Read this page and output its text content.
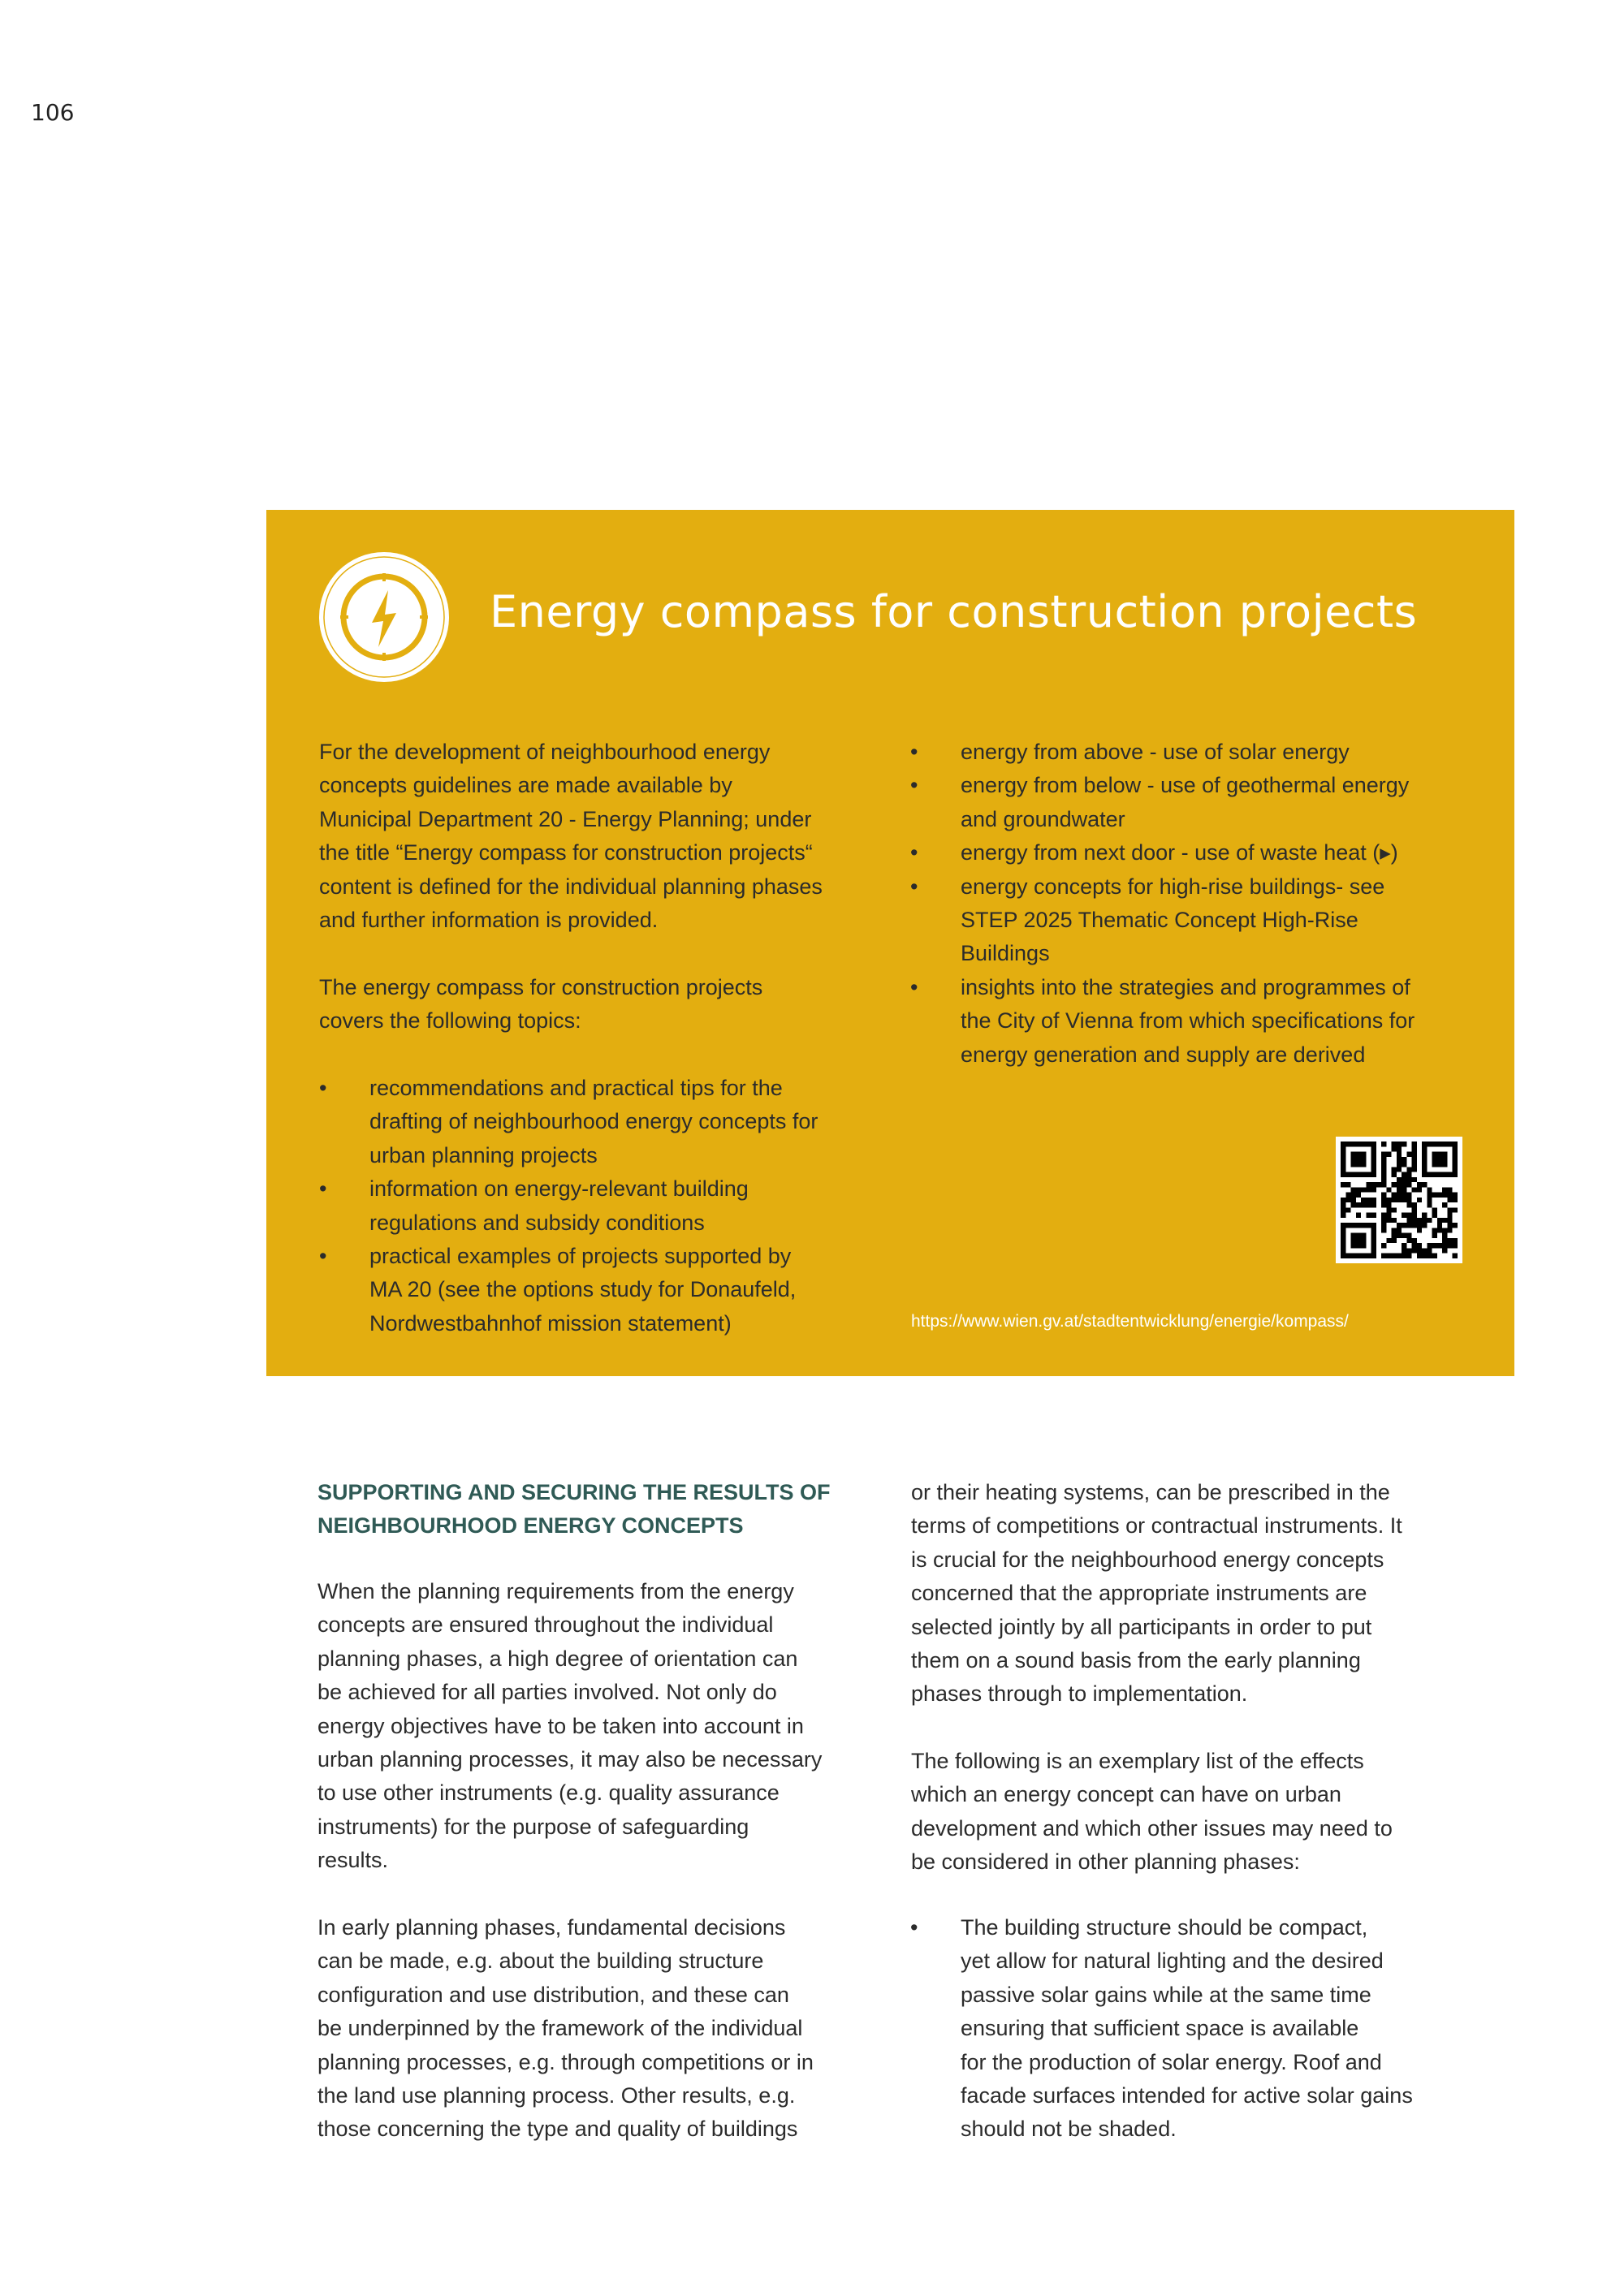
106
Energy compass for construction projects
For the development of neighbourhood energy
concepts guidelines are made available by
Municipal Department 20 - Energy Planning; under
the title “Energy compass for construction projects“
content is defined for the individual planning phases
and further information is provided.
The energy compass for construction projects
covers the following topics:
• recommendations and practical tips for the
drafting of neighbourhood energy concepts for
urban planning projects
• information on energy-relevant building
regulations and subsidy conditions
• practical examples of projects supported by
MA 20 (see the options study for Donaufeld,
Nordwestbahnhof mission statement)
• energy from above - use of solar energy
• energy from below - use of geothermal energy
and groundwater
• energy from next door - use of waste heat (▸)
• energy concepts for high-rise buildings- see
STEP 2025 Thematic Concept High-Rise
Buildings
• insights into the strategies and programmes of
the City of Vienna from which specifications for
energy generation and supply are derived
https://www.wien.gv.at/stadtentwicklung/energie/kompass/
SUPPORTING AND SECURING THE RESULTS OF
NEIGHBOURHOOD ENERGY CONCEPTS
When the planning requirements from the energy
concepts are ensured throughout the individual
planning phases, a high degree of orientation can
be achieved for all parties involved. Not only do
energy objectives have to be taken into account in
urban planning processes, it may also be necessary
to use other instruments (e.g. quality assurance
instruments) for the purpose of safeguarding
results.
In early planning phases, fundamental decisions
can be made, e.g. about the building structure
configuration and use distribution, and these can
be underpinned by the framework of the individual
planning processes, e.g. through competitions or in
the land use planning process. Other results, e.g.
those concerning the type and quality of buildings
or their heating systems, can be prescribed in the
terms of competitions or contractual instruments. It
is crucial for the neighbourhood energy concepts
concerned that the appropriate instruments are
selected jointly by all participants in order to put
them on a sound basis from the early planning
phases through to implementation.
The following is an exemplary list of the effects
which an energy concept can have on urban
development and which other issues may need to
be considered in other planning phases:
• The building structure should be compact,
yet allow for natural lighting and the desired
passive solar gains while at the same time
ensuring that sufficient space is available
for the production of solar energy. Roof and
facade surfaces intended for active solar gains
should not be shaded.
